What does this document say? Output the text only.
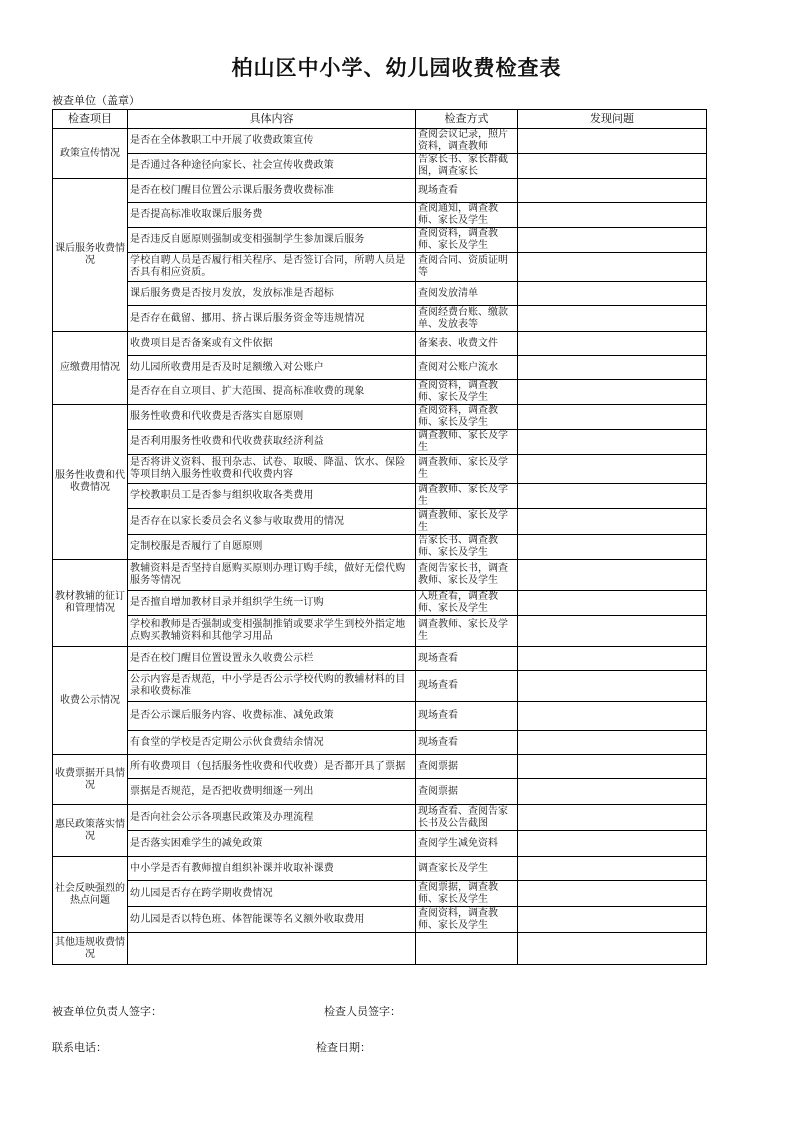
柏山区中小学、幼儿园收费检查表
被查单位（盖章）
检查项目	具体内容	检查方式	发现问题
政策宣传情况	是否在全体教职工中开展了收费政策宣传	查阅会议记录，照片资料，调查教师	
	是否通过各种途径向家长、社会宣传收费政策	告家长书、家长群截图，调查家长	
课后服务收费情况	是否在校门醒目位置公示课后服务费收费标准	现场查看	
	是否提高标准收取课后服务费	查阅通知，调查教师、家长及学生	
	是否违反自愿原则强制或变相强制学生参加课后服务	查阅资料，调查教师、家长及学生	
	学校自聘人员是否履行相关程序、是否签订合同，所聘人员是否具有相应资质。	查阅合同、资质证明等	
	课后服务费是否按月发放，发放标准是否超标	查阅发放清单	
	是否存在截留、挪用、挤占课后服务资金等违规情况	查阅经费台账、缴款单、发放表等	
应缴费用情况	收费项目是否备案或有文件依据	备案表、收费文件	
	幼儿园所收费用是否及时足额缴入对公账户	查阅对公账户流水	
	是否存在自立项目、扩大范围、提高标准收费的现象	查阅资料，调查教师、家长及学生	
服务性收费和代收费情况	服务性收费和代收费是否落实自愿原则	查阅资料，调查教师、家长及学生	
	是否利用服务性收费和代收费获取经济利益	调查教师、家长及学生	
	是否将讲义资料、报刊杂志、试卷、取暖、降温、饮水、保险等项目纳入服务性收费和代收费内容	调查教师、家长及学生	
	学校教职员工是否参与组织收取各类费用	调查教师、家长及学生	
	是否存在以家长委员会名义参与收取费用的情况	调查教师、家长及学生	
	定制校服是否履行了自愿原则	告家长书、调查教师、家长及学生	
教材教辅的征订和管理情况	教辅资料是否坚持自愿购买原则办理订购手续，做好无偿代购服务等情况	查阅告家长书，调查教师、家长及学生	
	是否擅自增加教材目录并组织学生统一订购	入班查看，调查教师、家长及学生	
	学校和教师是否强制或变相强制推销或要求学生到校外指定地点购买教辅资料和其他学习用品	调查教师、家长及学生	
收费公示情况	是否在校门醒目位置设置永久收费公示栏	现场查看	
	公示内容是否规范，中小学是否公示学校代购的教辅材料的目录和收费标准	现场查看	
	是否公示课后服务内容、收费标准、减免政策	现场查看	
	有食堂的学校是否定期公示伙食费结余情况	现场查看	
收费票据开具情况	所有收费项目（包括服务性收费和代收费）是否都开具了票据	查阅票据	
	票据是否规范，是否把收费明细逐一列出	查阅票据	
惠民政策落实情况	是否向社会公示各项惠民政策及办理流程	现场查看、查阅告家长书及公告截图	
	是否落实困难学生的减免政策	查阅学生减免资料	
社会反映强烈的热点问题	中小学是否有教师擅自组织补课并收取补课费	调查家长及学生	
	幼儿园是否存在跨学期收费情况	查阅票据，调查教师、家长及学生	
	幼儿园是否以特色班、体智能课等名义额外收取费用	查阅资料，调查教师、家长及学生	
其他违规收费情况			
被查单位负责人签字：	检查人员签字：
联系电话：	检查日期：
